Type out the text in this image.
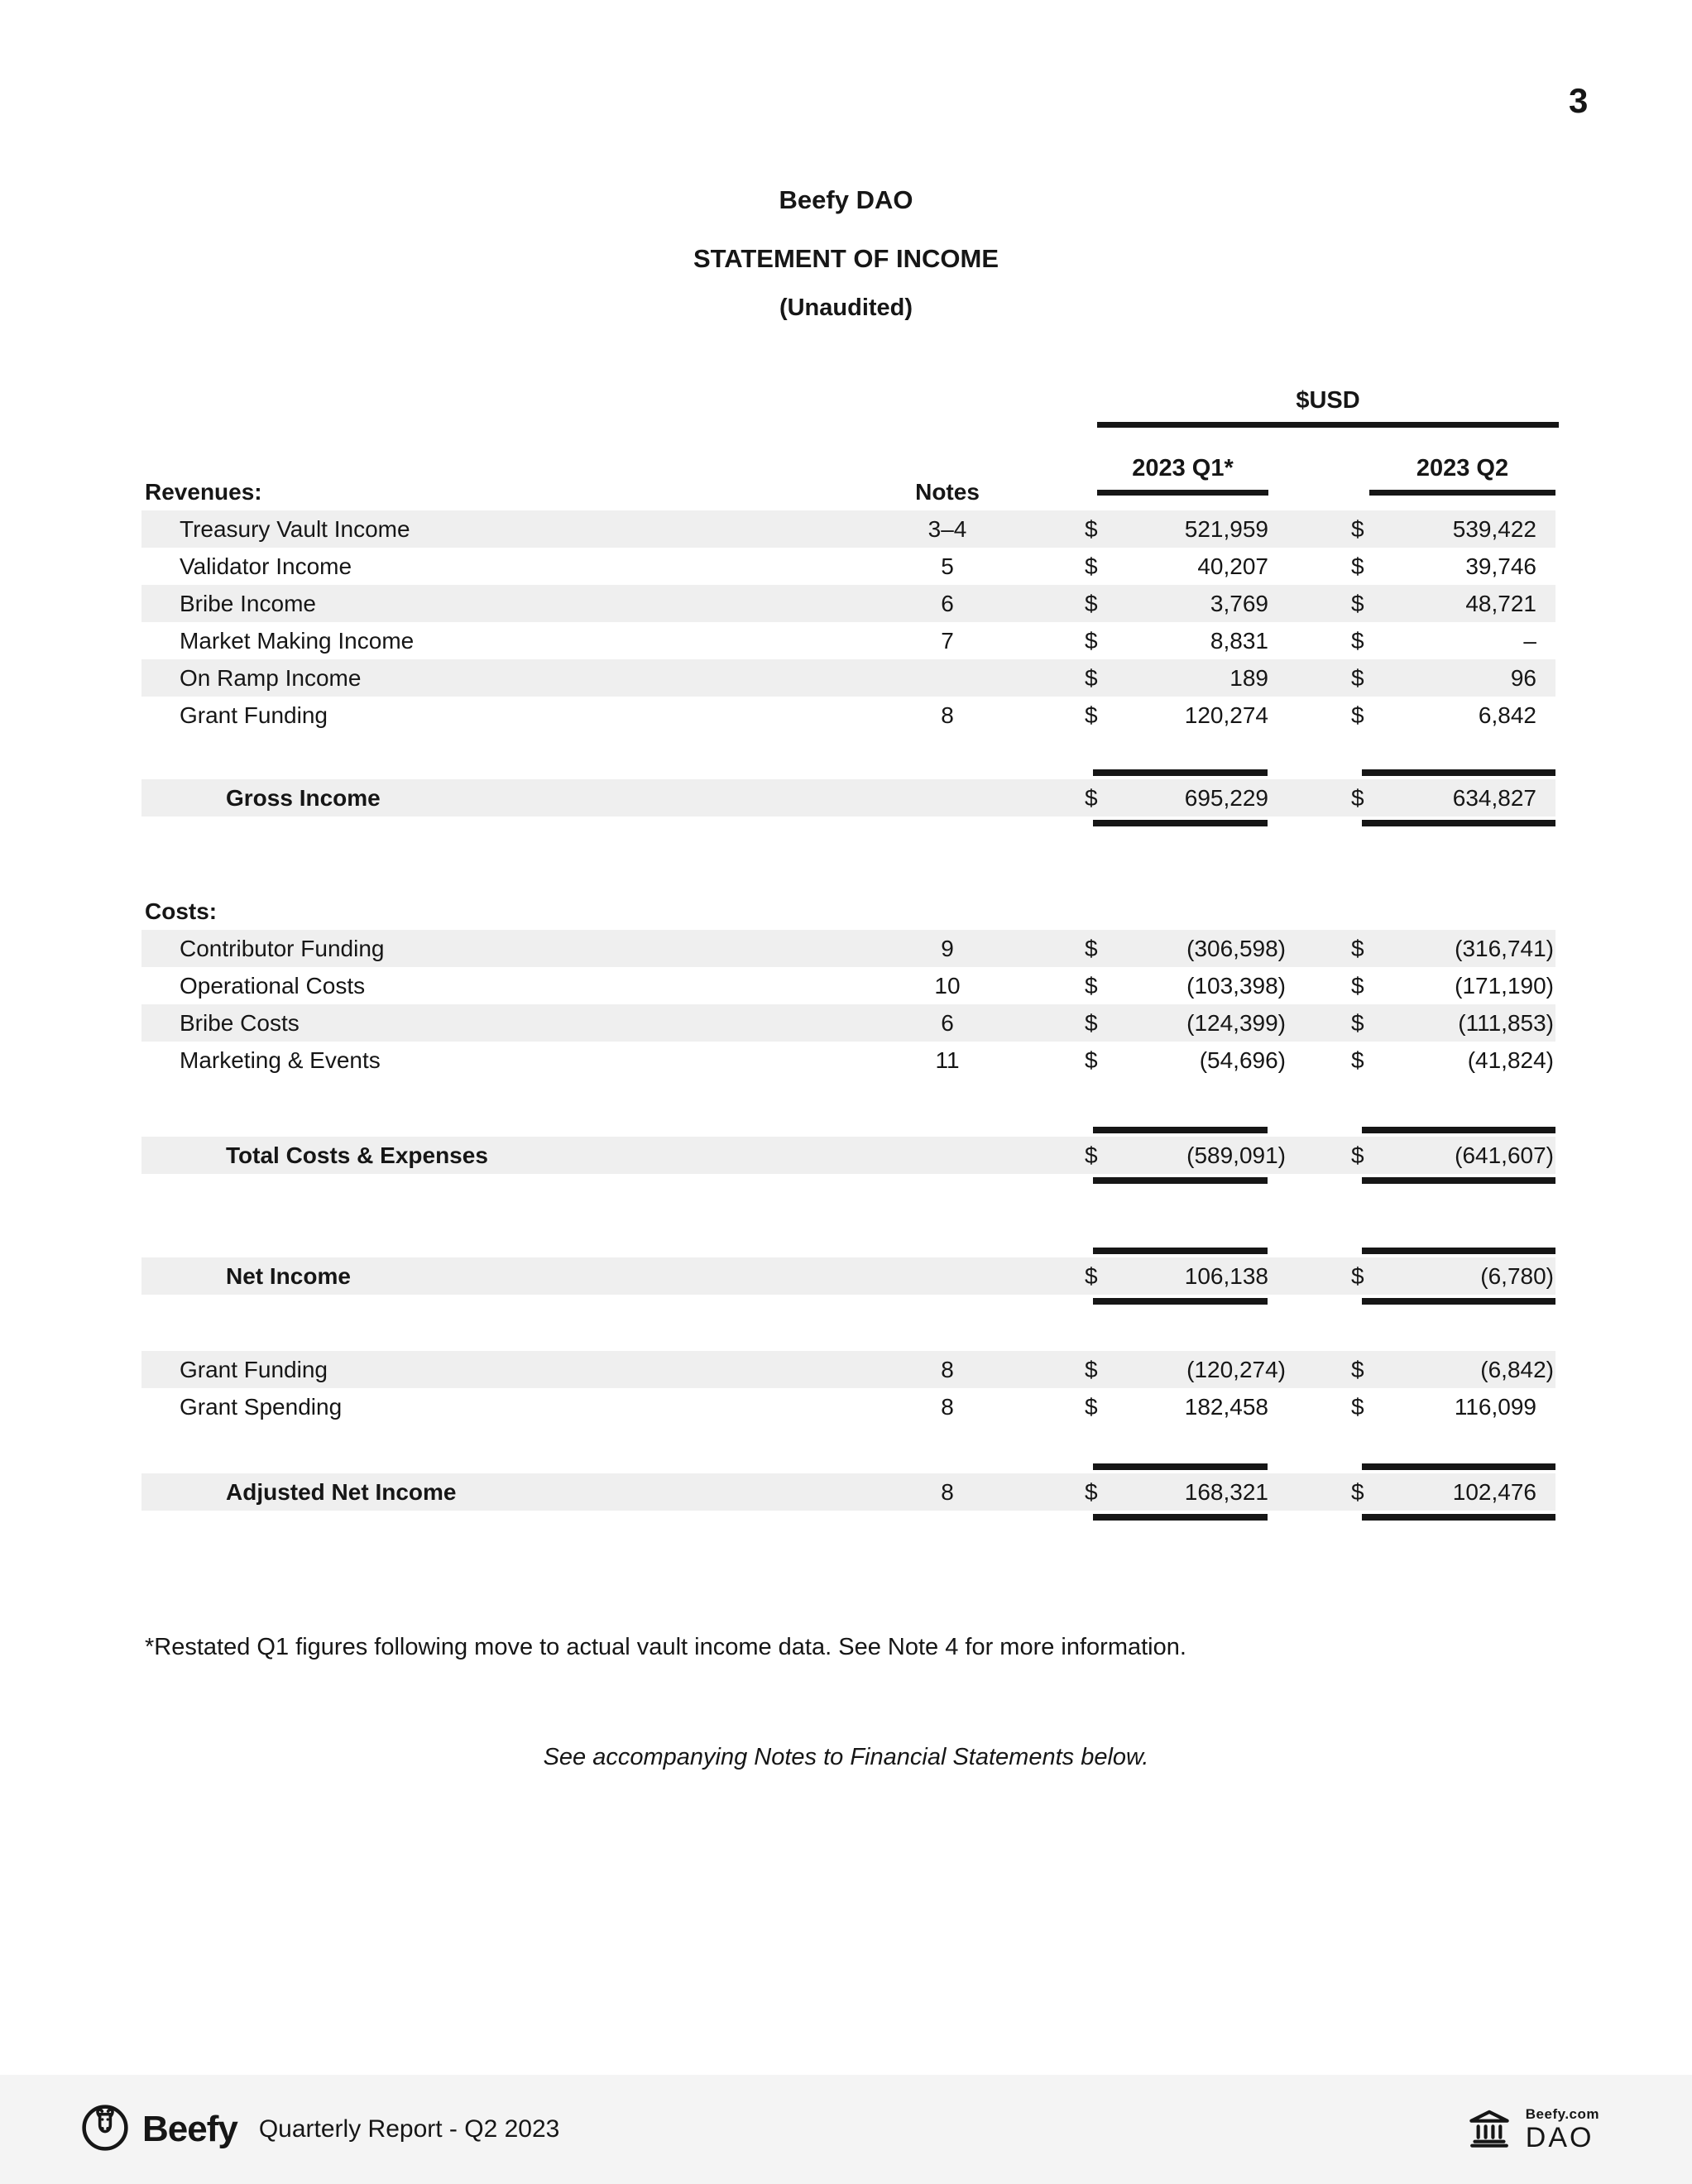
3
Beefy DAO
STATEMENT OF INCOME
(Unaudited)
$USD
2023 Q1*	2023 Q2
Revenues:	Notes
Treasury Vault Income	3–4	$	521,959	$	539,422
Validator Income	5	$	40,207	$	39,746
Bribe Income	6	$	3,769	$	48,721
Market Making Income	7	$	8,831	$	–
On Ramp Income	$	189	$	96
Grant Funding	8	$	120,274	$	6,842
Gross Income	$	695,229	$	634,827
Costs:
Contributor Funding	9	$	(306,598)	$	(316,741)
Operational Costs	10	$	(103,398)	$	(171,190)
Bribe Costs	6	$	(124,399)	$	(111,853)
Marketing & Events	11	$	(54,696)	$	(41,824)
Total Costs & Expenses	$	(589,091)	$	(641,607)
Net Income	$	106,138	$	(6,780)
Grant Funding	8	$	(120,274)	$	(6,842)
Grant Spending	8	$	182,458	$	116,099
Adjusted Net Income	8	$	168,321	$	102,476
*Restated Q1 figures following move to actual vault income data. See Note 4 for more information.
See accompanying Notes to Financial Statements below.
Beefy Quarterly Report - Q2 2023
Beefy.com
DAO
